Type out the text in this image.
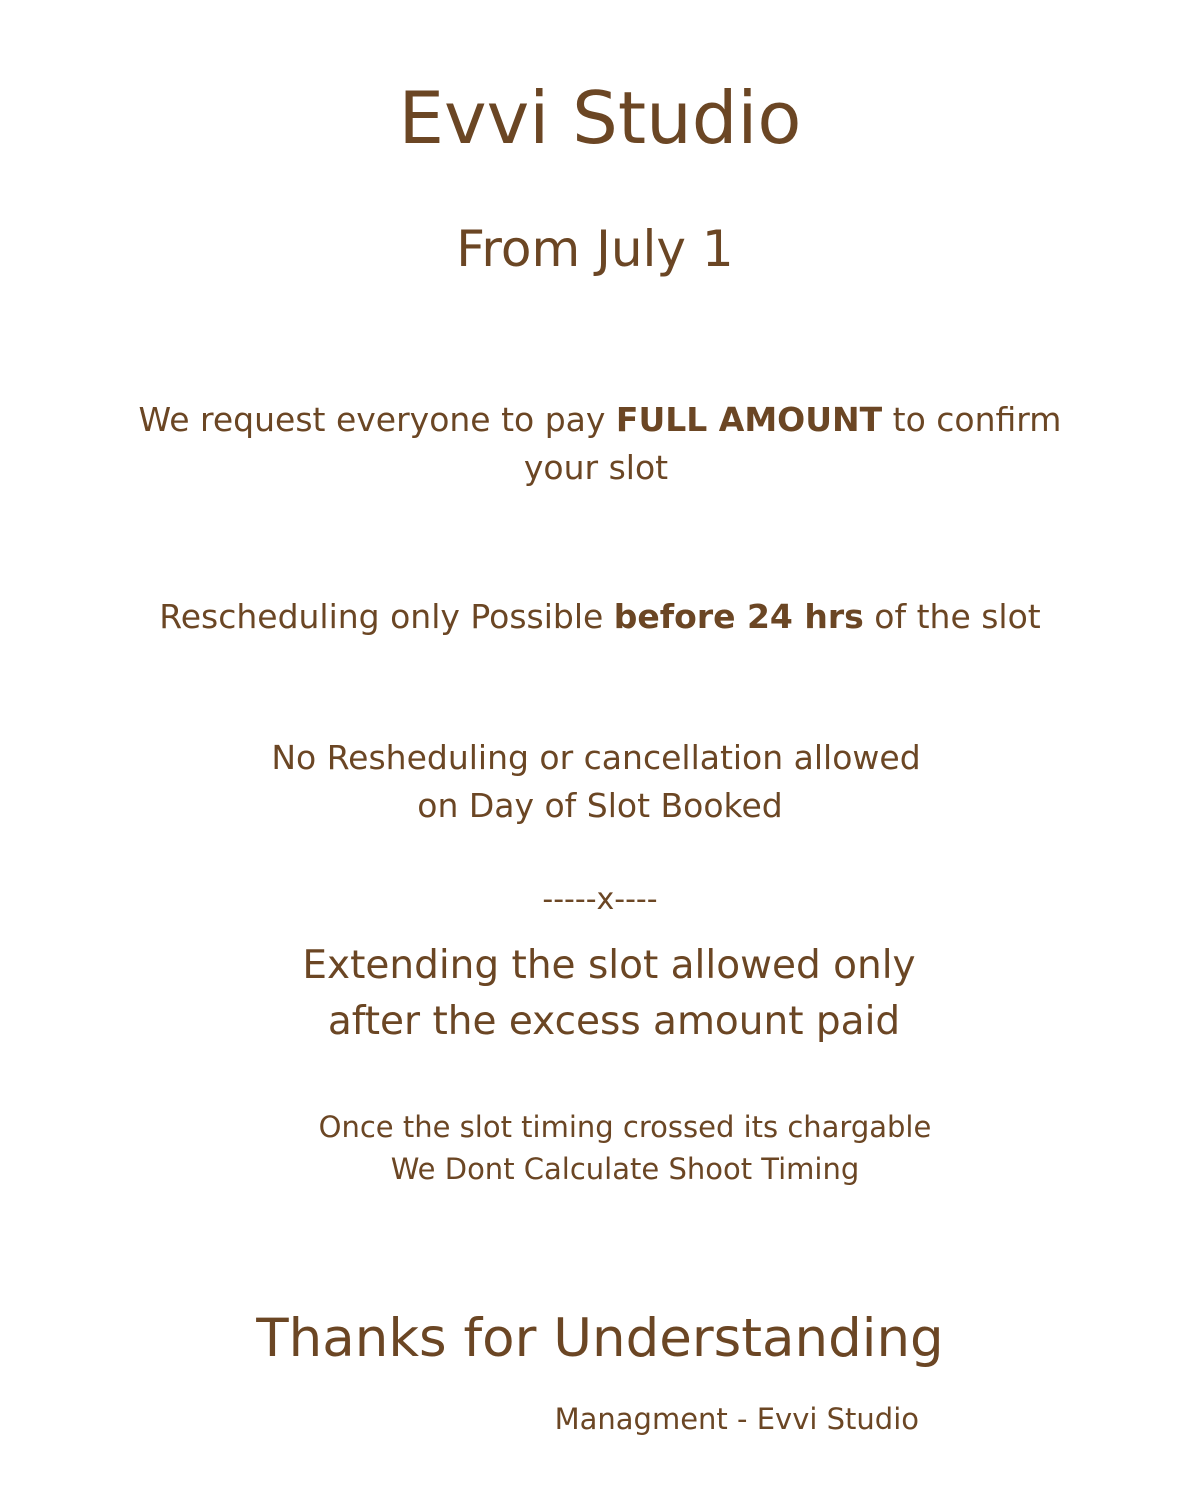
Evvi Studio
From July 1
We request everyone to pay FULL AMOUNT to confirm
your slot
Rescheduling only Possible before 24 hrs of the slot
No Resheduling or cancellation allowed
on Day of Slot Booked
-----x----
Extending the slot allowed only
after the excess amount paid
Once the slot timing crossed its chargable
We Dont Calculate Shoot Timing
Thanks for Understanding
Managment - Evvi Studio
